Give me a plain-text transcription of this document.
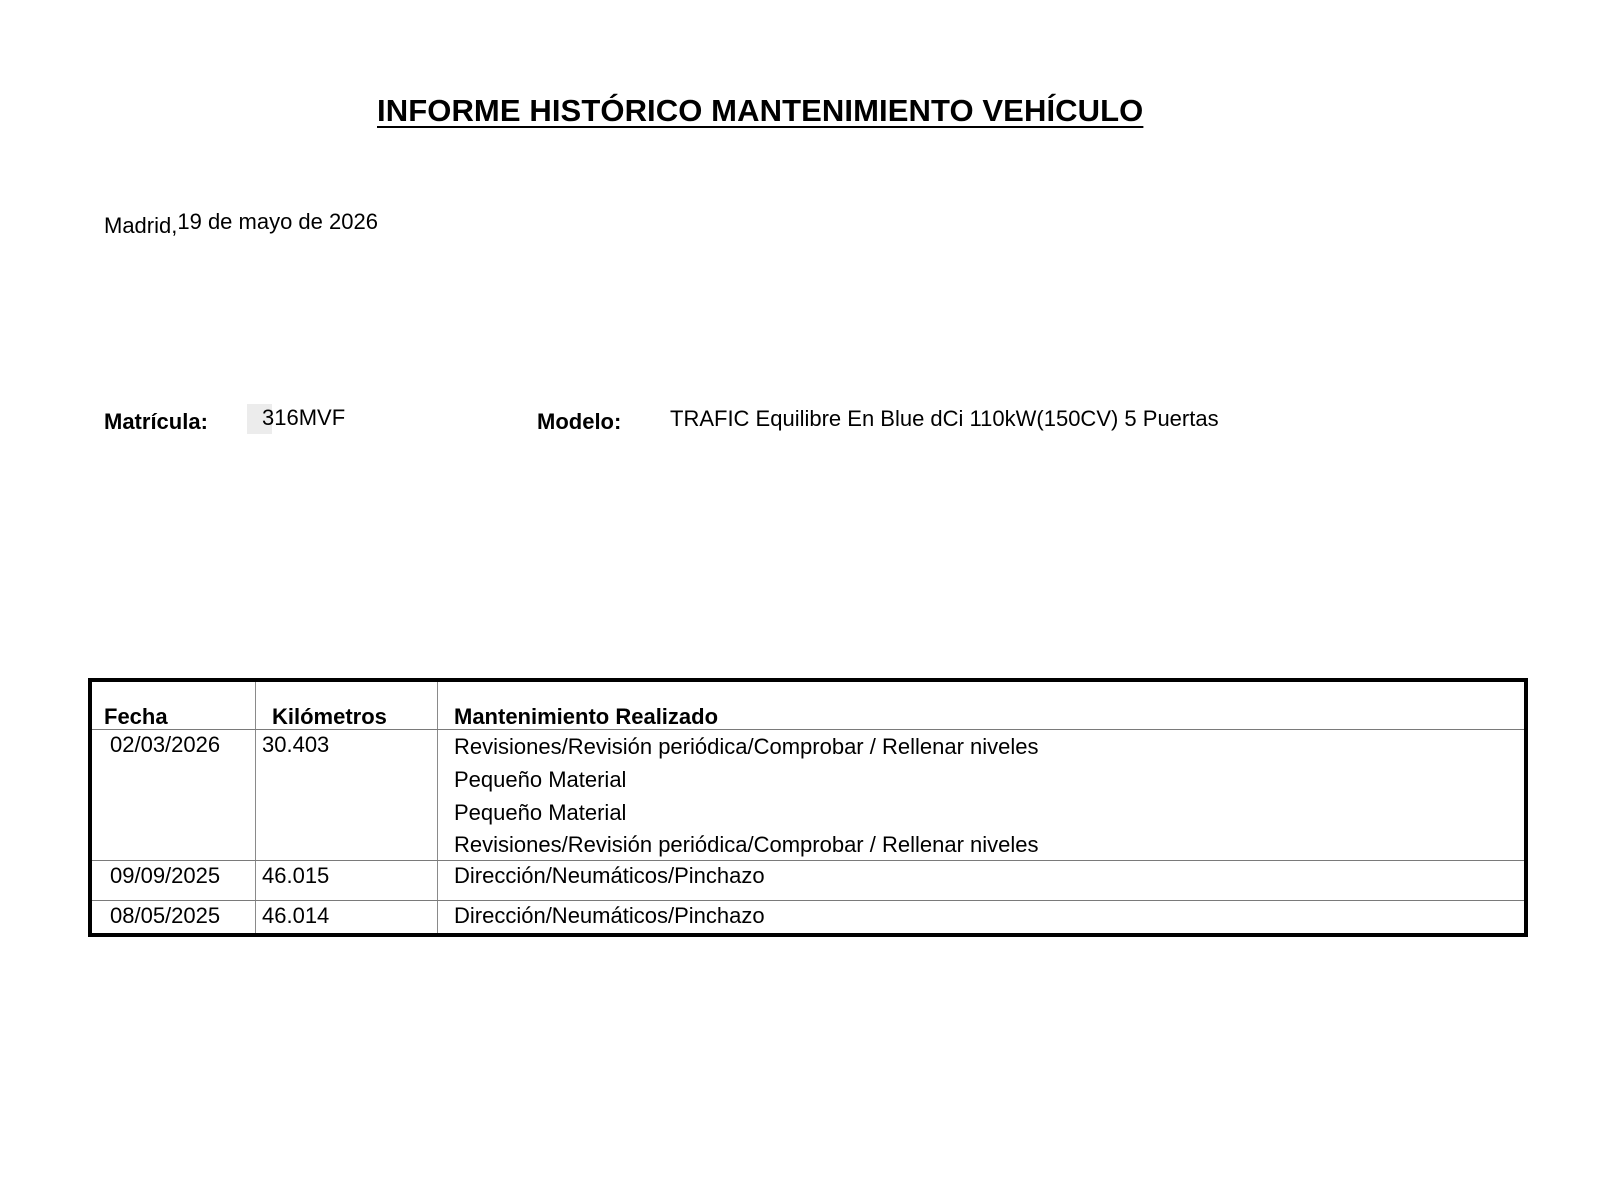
INFORME HISTÓRICO MANTENIMIENTO VEHÍCULO
Madrid,19 de mayo de 2026
Matrícula: 316MVF	Modelo: TRAFIC Equilibre En Blue dCi 110kW(150CV) 5 Puertas
Fecha	Kilómetros	Mantenimiento Realizado
02/03/2026 30.403	Revisiones/Revisión periódica/Comprobar / Rellenar niveles
Pequeño Material
Pequeño Material
Revisiones/Revisión periódica/Comprobar / Rellenar niveles
09/09/2025 46.015	Dirección/Neumáticos/Pinchazo
08/05/2025 46.014	Dirección/Neumáticos/Pinchazo
